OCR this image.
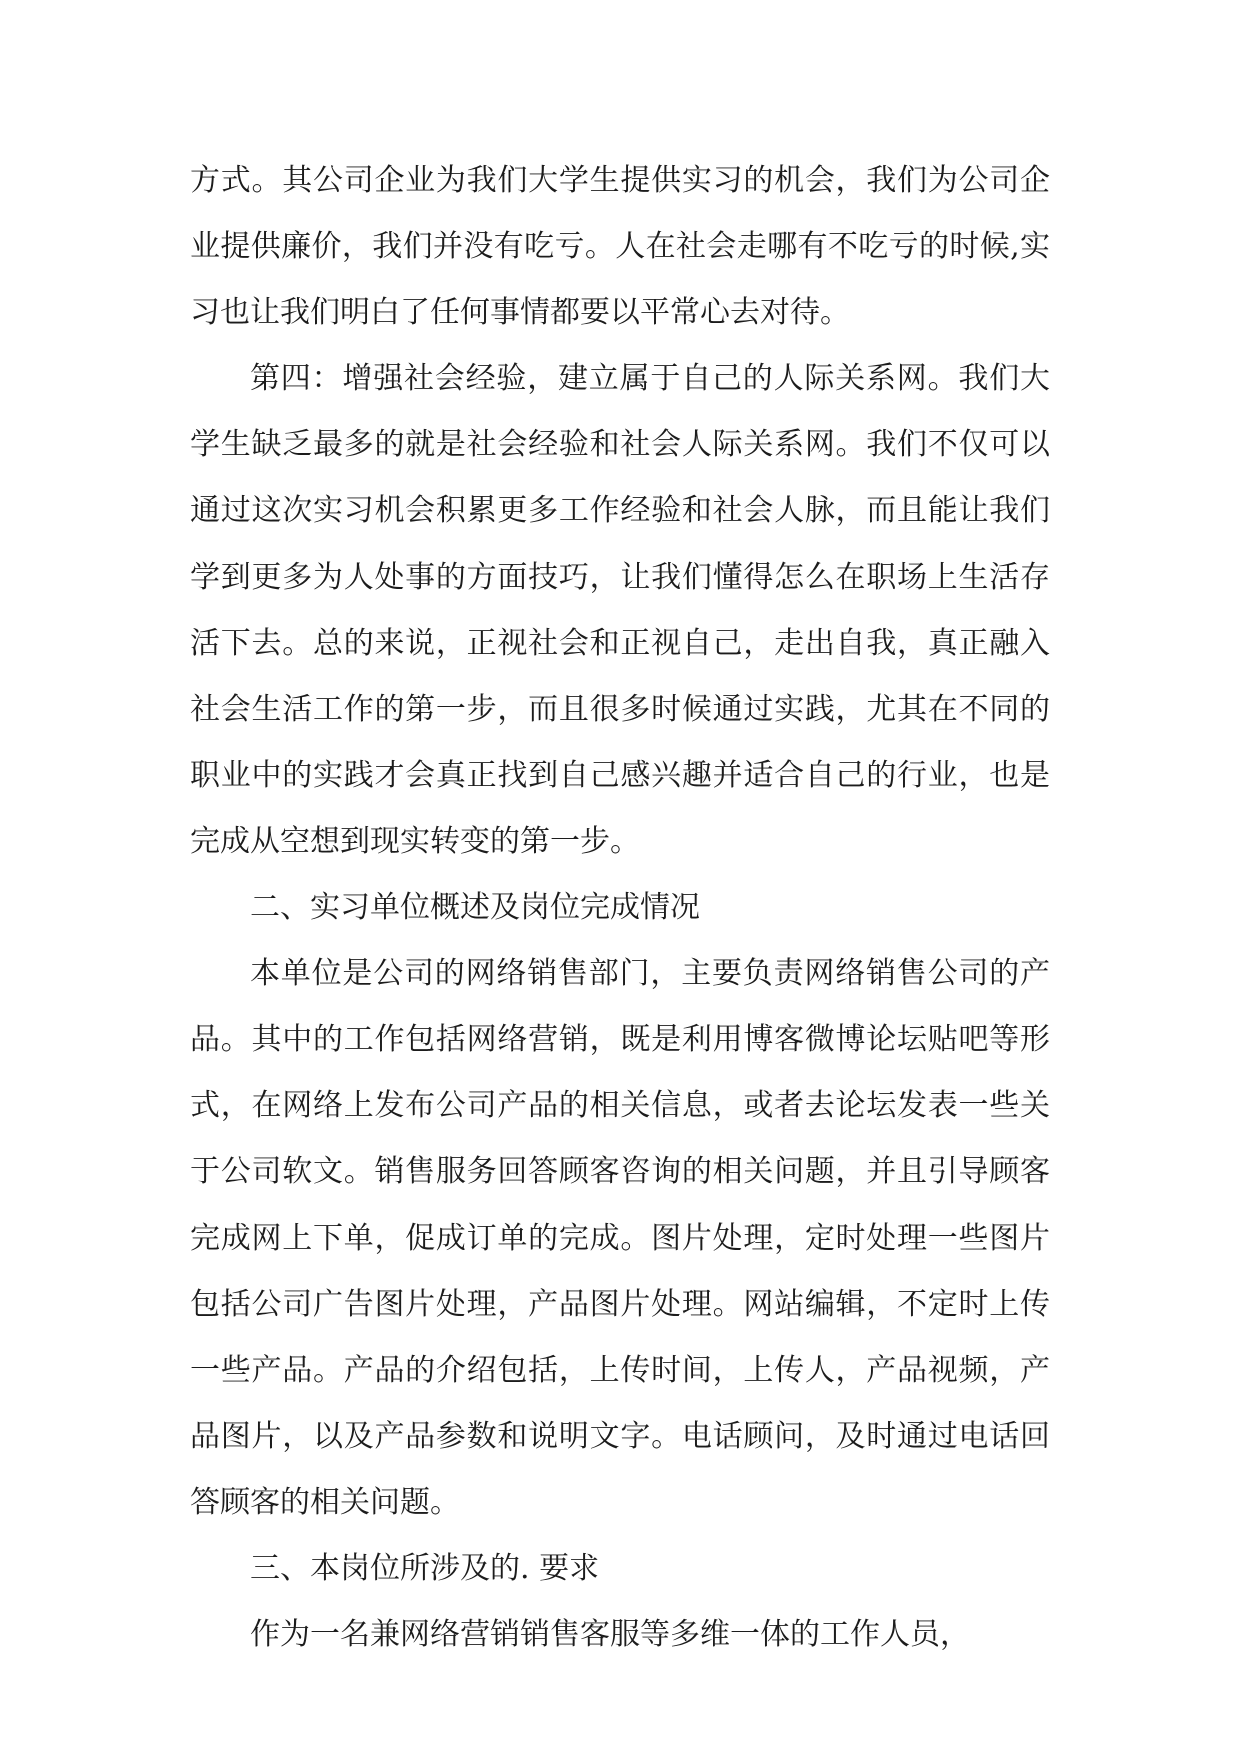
方式。其公司企业为我们大学生提供实习的机会，我们为公司企业提供廉价，我们并没有吃亏。人在社会走哪有不吃亏的时候,实习也让我们明白了任何事情都要以平常心去对待。

第四：增强社会经验，建立属于自己的人际关系网。我们大学生缺乏最多的就是社会经验和社会人际关系网。我们不仅可以通过这次实习机会积累更多工作经验和社会人脉，而且能让我们学到更多为人处事的方面技巧，让我们懂得怎么在职场上生活存活下去。总的来说，正视社会和正视自己，走出自我，真正融入社会生活工作的第一步，而且很多时候通过实践，尤其在不同的职业中的实践才会真正找到自己感兴趣并适合自己的行业，也是完成从空想到现实转变的第一步。

二、实习单位概述及岗位完成情况

本单位是公司的网络销售部门，主要负责网络销售公司的产品。其中的工作包括网络营销，既是利用博客微博论坛贴吧等形式，在网络上发布公司产品的相关信息，或者去论坛发表一些关于公司软文。销售服务回答顾客咨询的相关问题，并且引导顾客完成网上下单，促成订单的完成。图片处理，定时处理一些图片包括公司广告图片处理，产品图片处理。网站编辑，不定时上传一些产品。产品的介绍包括，上传时间，上传人，产品视频，产品图片，以及产品参数和说明文字。电话顾问，及时通过电话回答顾客的相关问题。

三、本岗位所涉及的. 要求

作为一名兼网络营销销售客服等多维一体的工作人员，
